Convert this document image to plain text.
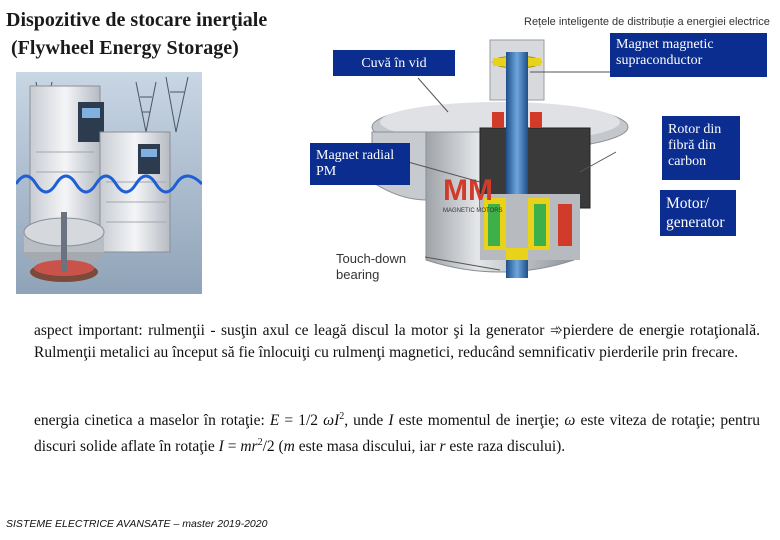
Dispozitive de stocare inerţiale
(Flywheel Energy Storage)
Rețele inteligente de distribuție a energiei electrice
MM
MAGNETIC MOTORS
Touch-down bearing
Cuvă în vid
Magnet magnetic supraconductor
Magnet radial PM
Rotor din fibră din carbon
Motor/ generator
aspect important: rulmenţii - susţin axul ce leagă discul la motor şi la generator ➾pierdere de energie rotaţională. Rulmenţii metalici au început să fie înlocuiţi cu rulmenţi magnetici, reducând semnificativ pierderile prin frecare.
energia cinetica a maselor în rotaţie: E = 1/2 $\omega I^2$, unde I este momentul de inerţie; ω este viteza de rotaţie; pentru discuri solide aflate în rotaţie $I = mr^2/2$ (m este masa discului, iar r este raza discului).
SISTEME ELECTRICE AVANSATE – master 2019-2020
